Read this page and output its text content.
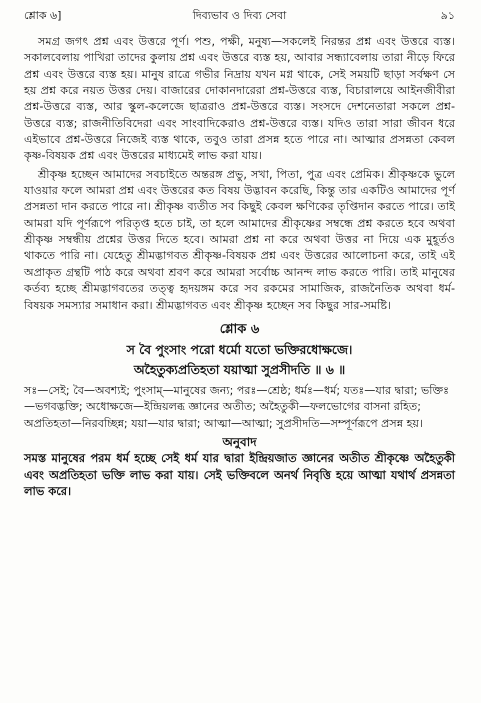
শ্লোক ৬]	দিব্যভাব ও দিব্য সেবা	৯১

সমগ্র জগৎ প্রশ্ন এবং উত্তরে পূর্ণ। পশু, পক্ষী, মনুষ্য—সকলেই নিরন্তর প্রশ্ন এবং উত্তরে ব্যস্ত। সকালবেলায় পাখিরা তাদের কুলায় প্রশ্ন এবং উত্তরে ব্যস্ত হয়, আবার সন্ধ্যাবেলায় তারা নীড়ে ফিরে প্রশ্ন এবং উত্তরে ব্যস্ত হয়। মানুষ রাত্রে গভীর নিদ্রায় যখন মগ্ন থাকে, সেই সময়টি ছাড়া সর্বক্ষণ সে হয় প্রশ্ন করে নয়ত উত্তর দেয়। বাজারের দোকানদারেরা প্রশ্ন-উত্তরে ব্যস্ত, বিচারালয়ে আইনজীবীরা প্রশ্ন-উত্তরে ব্যস্ত, আর স্কুল-কলেজে ছাত্ররাও প্রশ্ন-উত্তরে ব্যস্ত। সংসদে দেশনেতারা সকলে প্রশ্ন-উত্তরে ব্যস্ত; রাজনীতিবিদেরা এবং সাংবাদিকেরাও প্রশ্ন-উত্তরে ব্যস্ত। যদিও তারা সারা জীবন ধরে এইভাবে প্রশ্ন-উত্তরে নিজেই ব্যস্ত থাকে, তবুও তারা প্রসন্ন হতে পারে না। আত্মার প্রসন্নতা কেবল কৃষ্ণ-বিষয়ক প্রশ্ন এবং উত্তরের মাধ্যমেই লাভ করা যায়।

শ্রীকৃষ্ণ হচ্ছেন আমাদের সবচাইতে অন্তরঙ্গ প্রভু, সখা, পিতা, পুত্র এবং প্রেমিক। শ্রীকৃষ্ণকে ভুলে যাওয়ার ফলে আমরা প্রশ্ন এবং উত্তরের কত বিষয় উদ্ভাবন করেছি, কিন্তু তার একটিও আমাদের পূর্ণ প্রসন্নতা দান করতে পারে না। শ্রীকৃষ্ণ ব্যতীত সব কিছুই কেবল ক্ষণিকের তৃপ্তিদান করতে পারে। তাই আমরা যদি পূর্ণরূপে পরিতৃপ্ত হতে চাই, তা হলে আমাদের শ্রীকৃষ্ণের সম্বন্ধে প্রশ্ন করতে হবে অথবা শ্রীকৃষ্ণ সম্বন্ধীয় প্রশ্নের উত্তর দিতে হবে। আমরা প্রশ্ন না করে অথবা উত্তর না দিয়ে এক মুহূর্তও থাকতে পারি না। যেহেতু শ্রীমদ্ভাগবত শ্রীকৃষ্ণ-বিষয়ক প্রশ্ন এবং উত্তরের আলোচনা করে, তাই এই অপ্রাকৃত গ্রন্থটি পাঠ করে অথবা শ্রবণ করে আমরা সর্বোচ্চ আনন্দ লাভ করতে পারি। তাই মানুষের কর্তব্য হচ্ছে শ্রীমদ্ভাগবতের তত্ত্ব হৃদয়ঙ্গম করে সব রকমের সামাজিক, রাজনৈতিক অথবা ধর্ম-বিষয়ক সমস্যার সমাধান করা। শ্রীমদ্ভাগবত এবং শ্রীকৃষ্ণ হচ্ছেন সব কিছুর সার-সমষ্টি।

শ্লোক ৬
স বৈ পুংসাং পরো ধর্মো যতো ভক্তিরধোক্ষজে।
অহৈতুক্যপ্রতিহতা যয়াত্মা সুপ্রসীদতি ॥ ৬ ॥

সঃ—সেই; বৈ—অবশ্যই; পুংসাম্—মানুষের জন্য; পরঃ—শ্রেষ্ঠ; ধর্মঃ—ধর্ম; যতঃ—যার দ্বারা; ভক্তিঃ—ভগবদ্ভক্তি; অধোক্ষজে—ইন্দ্রিয়লব্ধ জ্ঞানের অতীত; অহৈতুকী—ফলভোগের বাসনা রহিত; অপ্রতিহতা—নিরবচ্ছিন্ন; যয়া—যার দ্বারা; আত্মা—আত্মা; সুপ্রসীদতি—সম্পূর্ণরূপে প্রসন্ন হয়।

অনুবাদ

সমস্ত মানুষের পরম ধর্ম হচ্ছে সেই ধর্ম যার দ্বারা ইন্দ্রিয়জাত জ্ঞানের অতীত শ্রীকৃষ্ণে অহৈতুকী এবং অপ্রতিহতা ভক্তি লাভ করা যায়। সেই ভক্তিবলে অনর্থ নিবৃত্তি হয়ে আত্মা যথার্থ প্রসন্নতা লাভ করে।
